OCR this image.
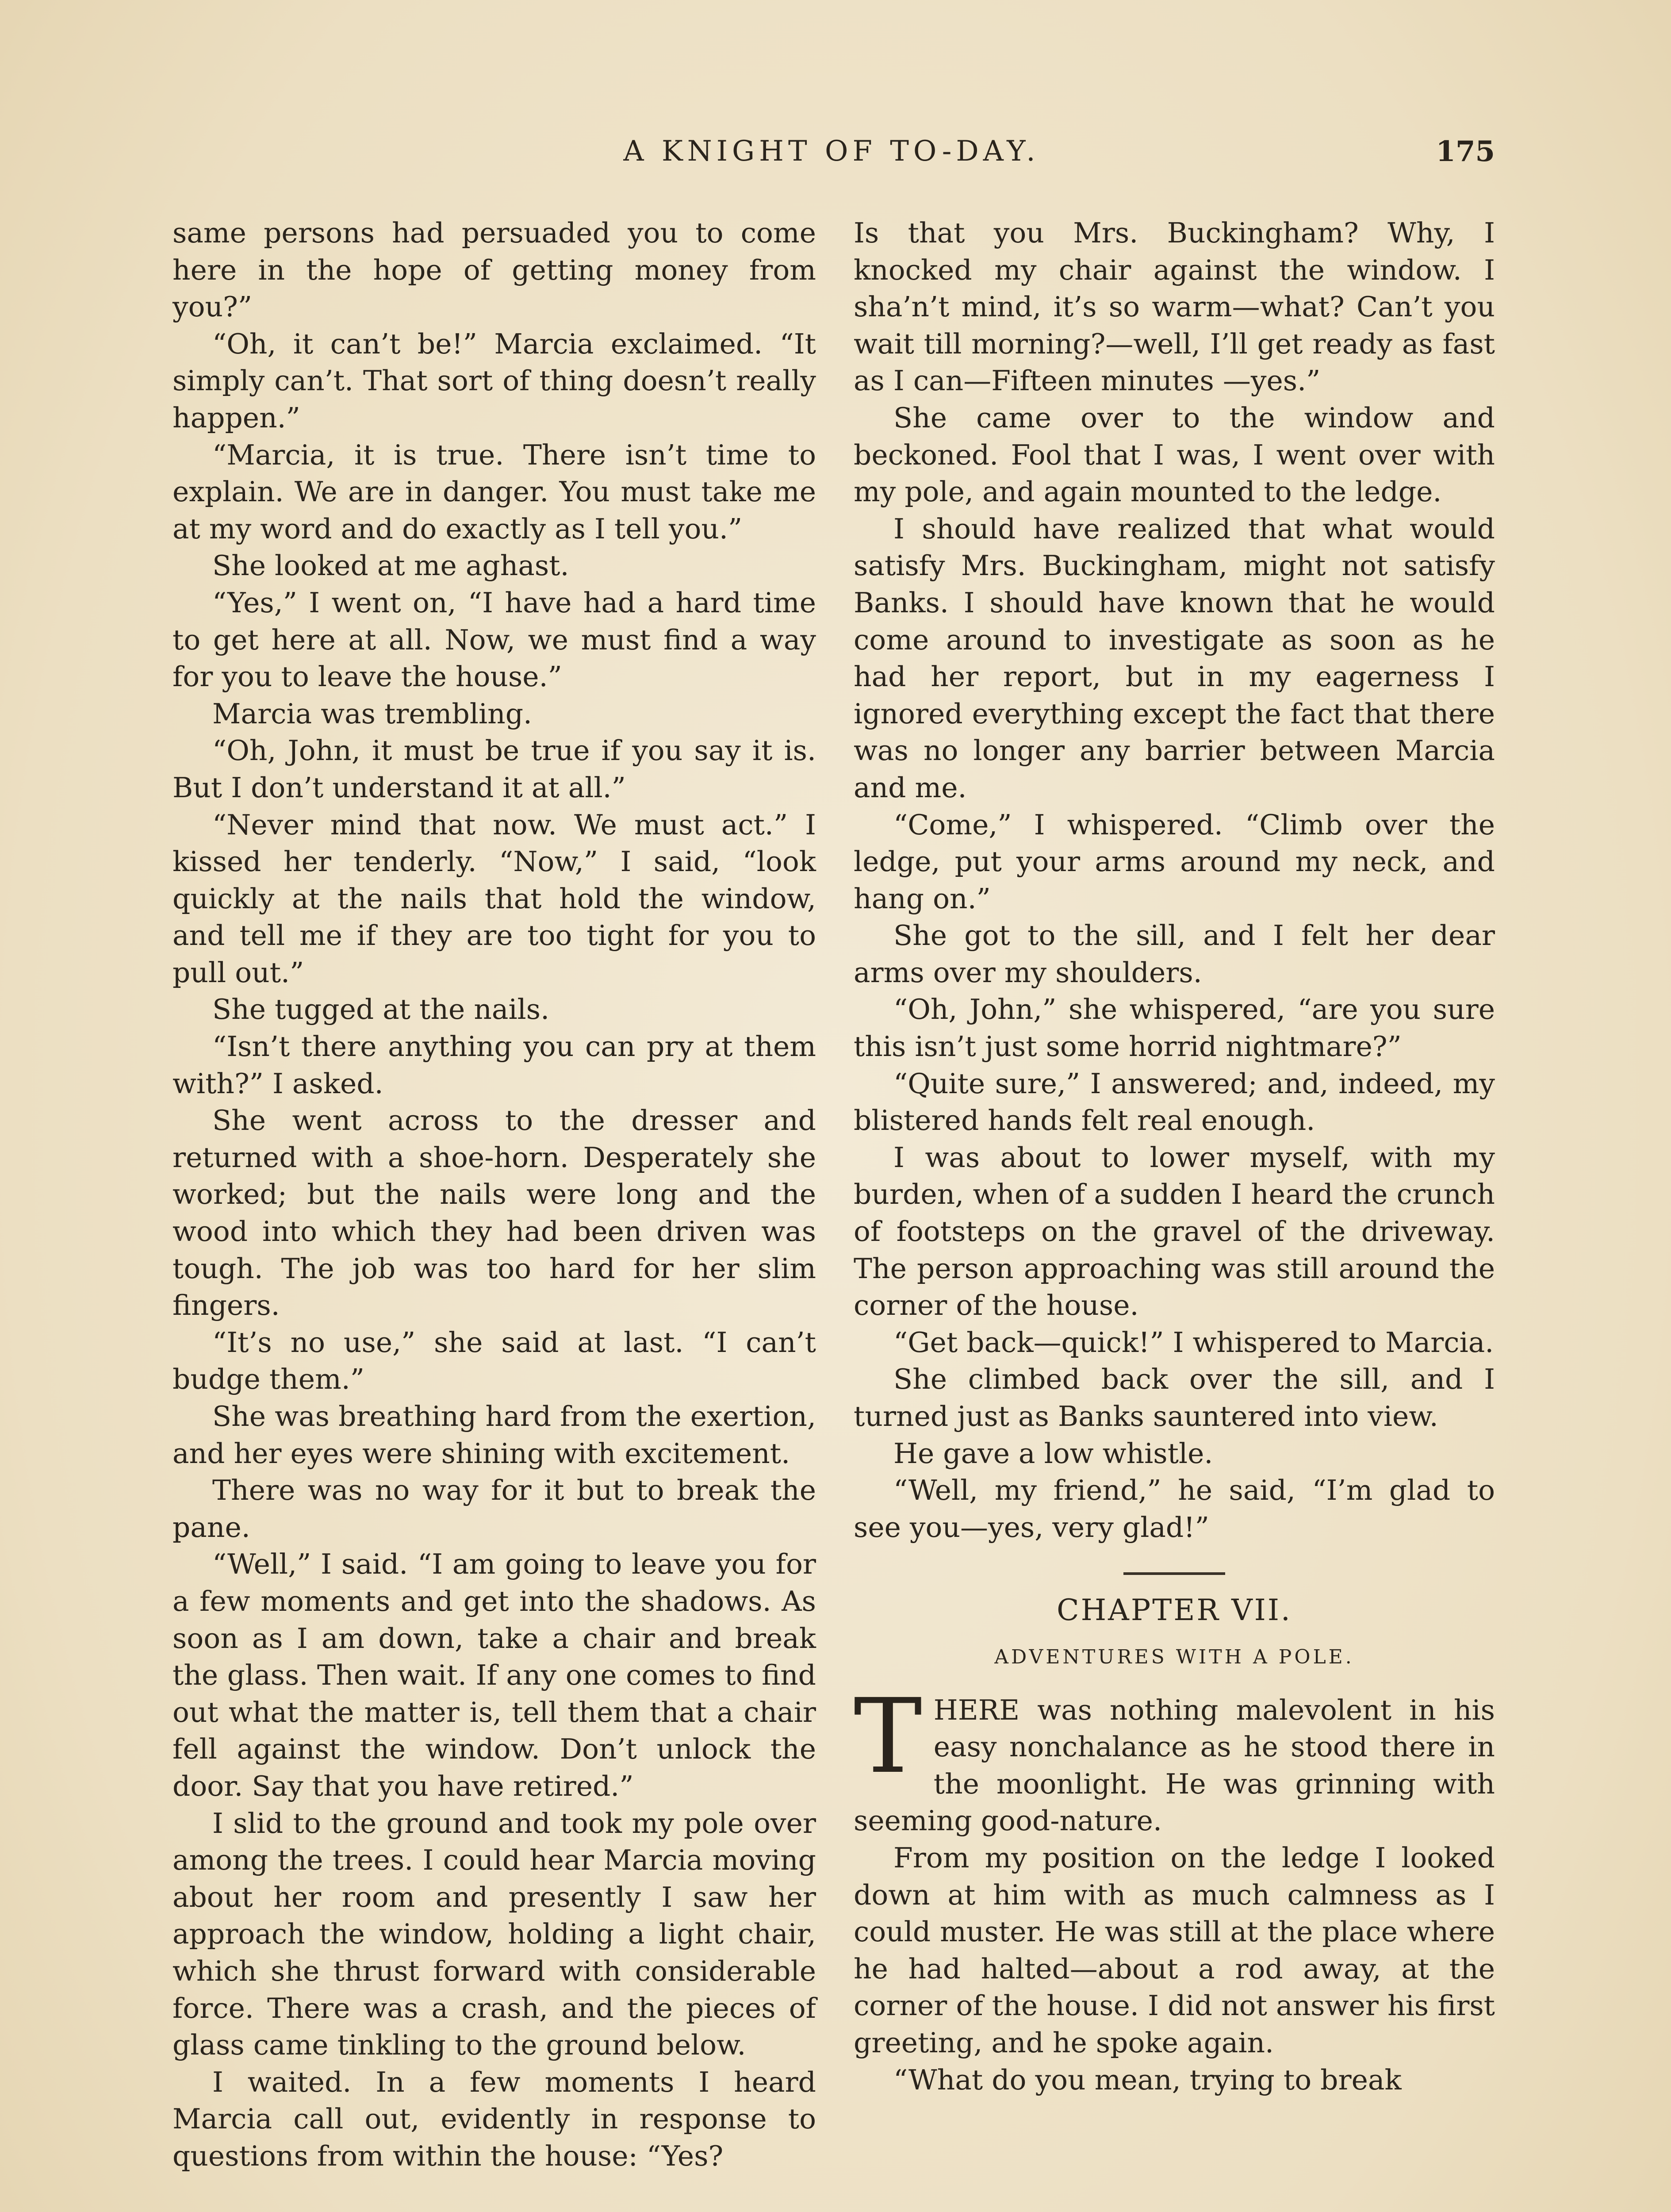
A KNIGHT OF TO-DAY.	175

same persons had persuaded you to come here in the hope of getting money from you?”

“Oh, it can’t be!” Marcia exclaimed. “It simply can’t. That sort of thing doesn’t really happen.”

“Marcia, it is true. There isn’t time to explain. We are in danger. You must take me at my word and do exactly as I tell you.”

She looked at me aghast.

“Yes,” I went on, “I have had a hard time to get here at all. Now, we must find a way for you to leave the house.”

Marcia was trembling.

“Oh, John, it must be true if you say it is. But I don’t understand it at all.”

“Never mind that now. We must act.” I kissed her tenderly. “Now,” I said, “look quickly at the nails that hold the window, and tell me if they are too tight for you to pull out.”

She tugged at the nails.

“Isn’t there anything you can pry at them with?” I asked.

She went across to the dresser and returned with a shoe-horn. Desperately she worked; but the nails were long and the wood into which they had been driven was tough. The job was too hard for her slim fingers.

“It’s no use,” she said at last. “I can’t budge them.”

She was breathing hard from the exertion, and her eyes were shining with excitement.

There was no way for it but to break the pane.

“Well,” I said. “I am going to leave you for a few moments and get into the shadows. As soon as I am down, take a chair and break the glass. Then wait. If any one comes to find out what the matter is, tell them that a chair fell against the window. Don’t unlock the door. Say that you have retired.”

I slid to the ground and took my pole over among the trees. I could hear Marcia moving about her room and presently I saw her approach the window, holding a light chair, which she thrust forward with considerable force. There was a crash, and the pieces of glass came tinkling to the ground below.

I waited. In a few moments I heard Marcia call out, evidently in response to questions from within the house: “Yes?

Is that you Mrs. Buckingham? Why, I knocked my chair against the window. I sha’n’t mind, it’s so warm—what? Can’t you wait till morning?—well, I’ll get ready as fast as I can—Fifteen minutes —yes.”

She came over to the window and beckoned. Fool that I was, I went over with my pole, and again mounted to the ledge.

I should have realized that what would satisfy Mrs. Buckingham, might not satisfy Banks. I should have known that he would come around to investigate as soon as he had her report, but in my eagerness I ignored everything except the fact that there was no longer any barrier between Marcia and me.

“Come,” I whispered. “Climb over the ledge, put your arms around my neck, and hang on.”

She got to the sill, and I felt her dear arms over my shoulders.

“Oh, John,” she whispered, “are you sure this isn’t just some horrid nightmare?”

“Quite sure,” I answered; and, indeed, my blistered hands felt real enough.

I was about to lower myself, with my burden, when of a sudden I heard the crunch of footsteps on the gravel of the driveway. The person approaching was still around the corner of the house.

“Get back—quick!” I whispered to Marcia.

She climbed back over the sill, and I turned just as Banks sauntered into view.

He gave a low whistle.

“Well, my friend,” he said, “I’m glad to see you—yes, very glad!”

CHAPTER VII.
ADVENTURES WITH A POLE.

THERE was nothing malevolent in his easy nonchalance as he stood there in the moonlight. He was grinning with seeming good-nature.

From my position on the ledge I looked down at him with as much calmness as I could muster. He was still at the place where he had halted—about a rod away, at the corner of the house. I did not answer his first greeting, and he spoke again.

“What do you mean, trying to break
